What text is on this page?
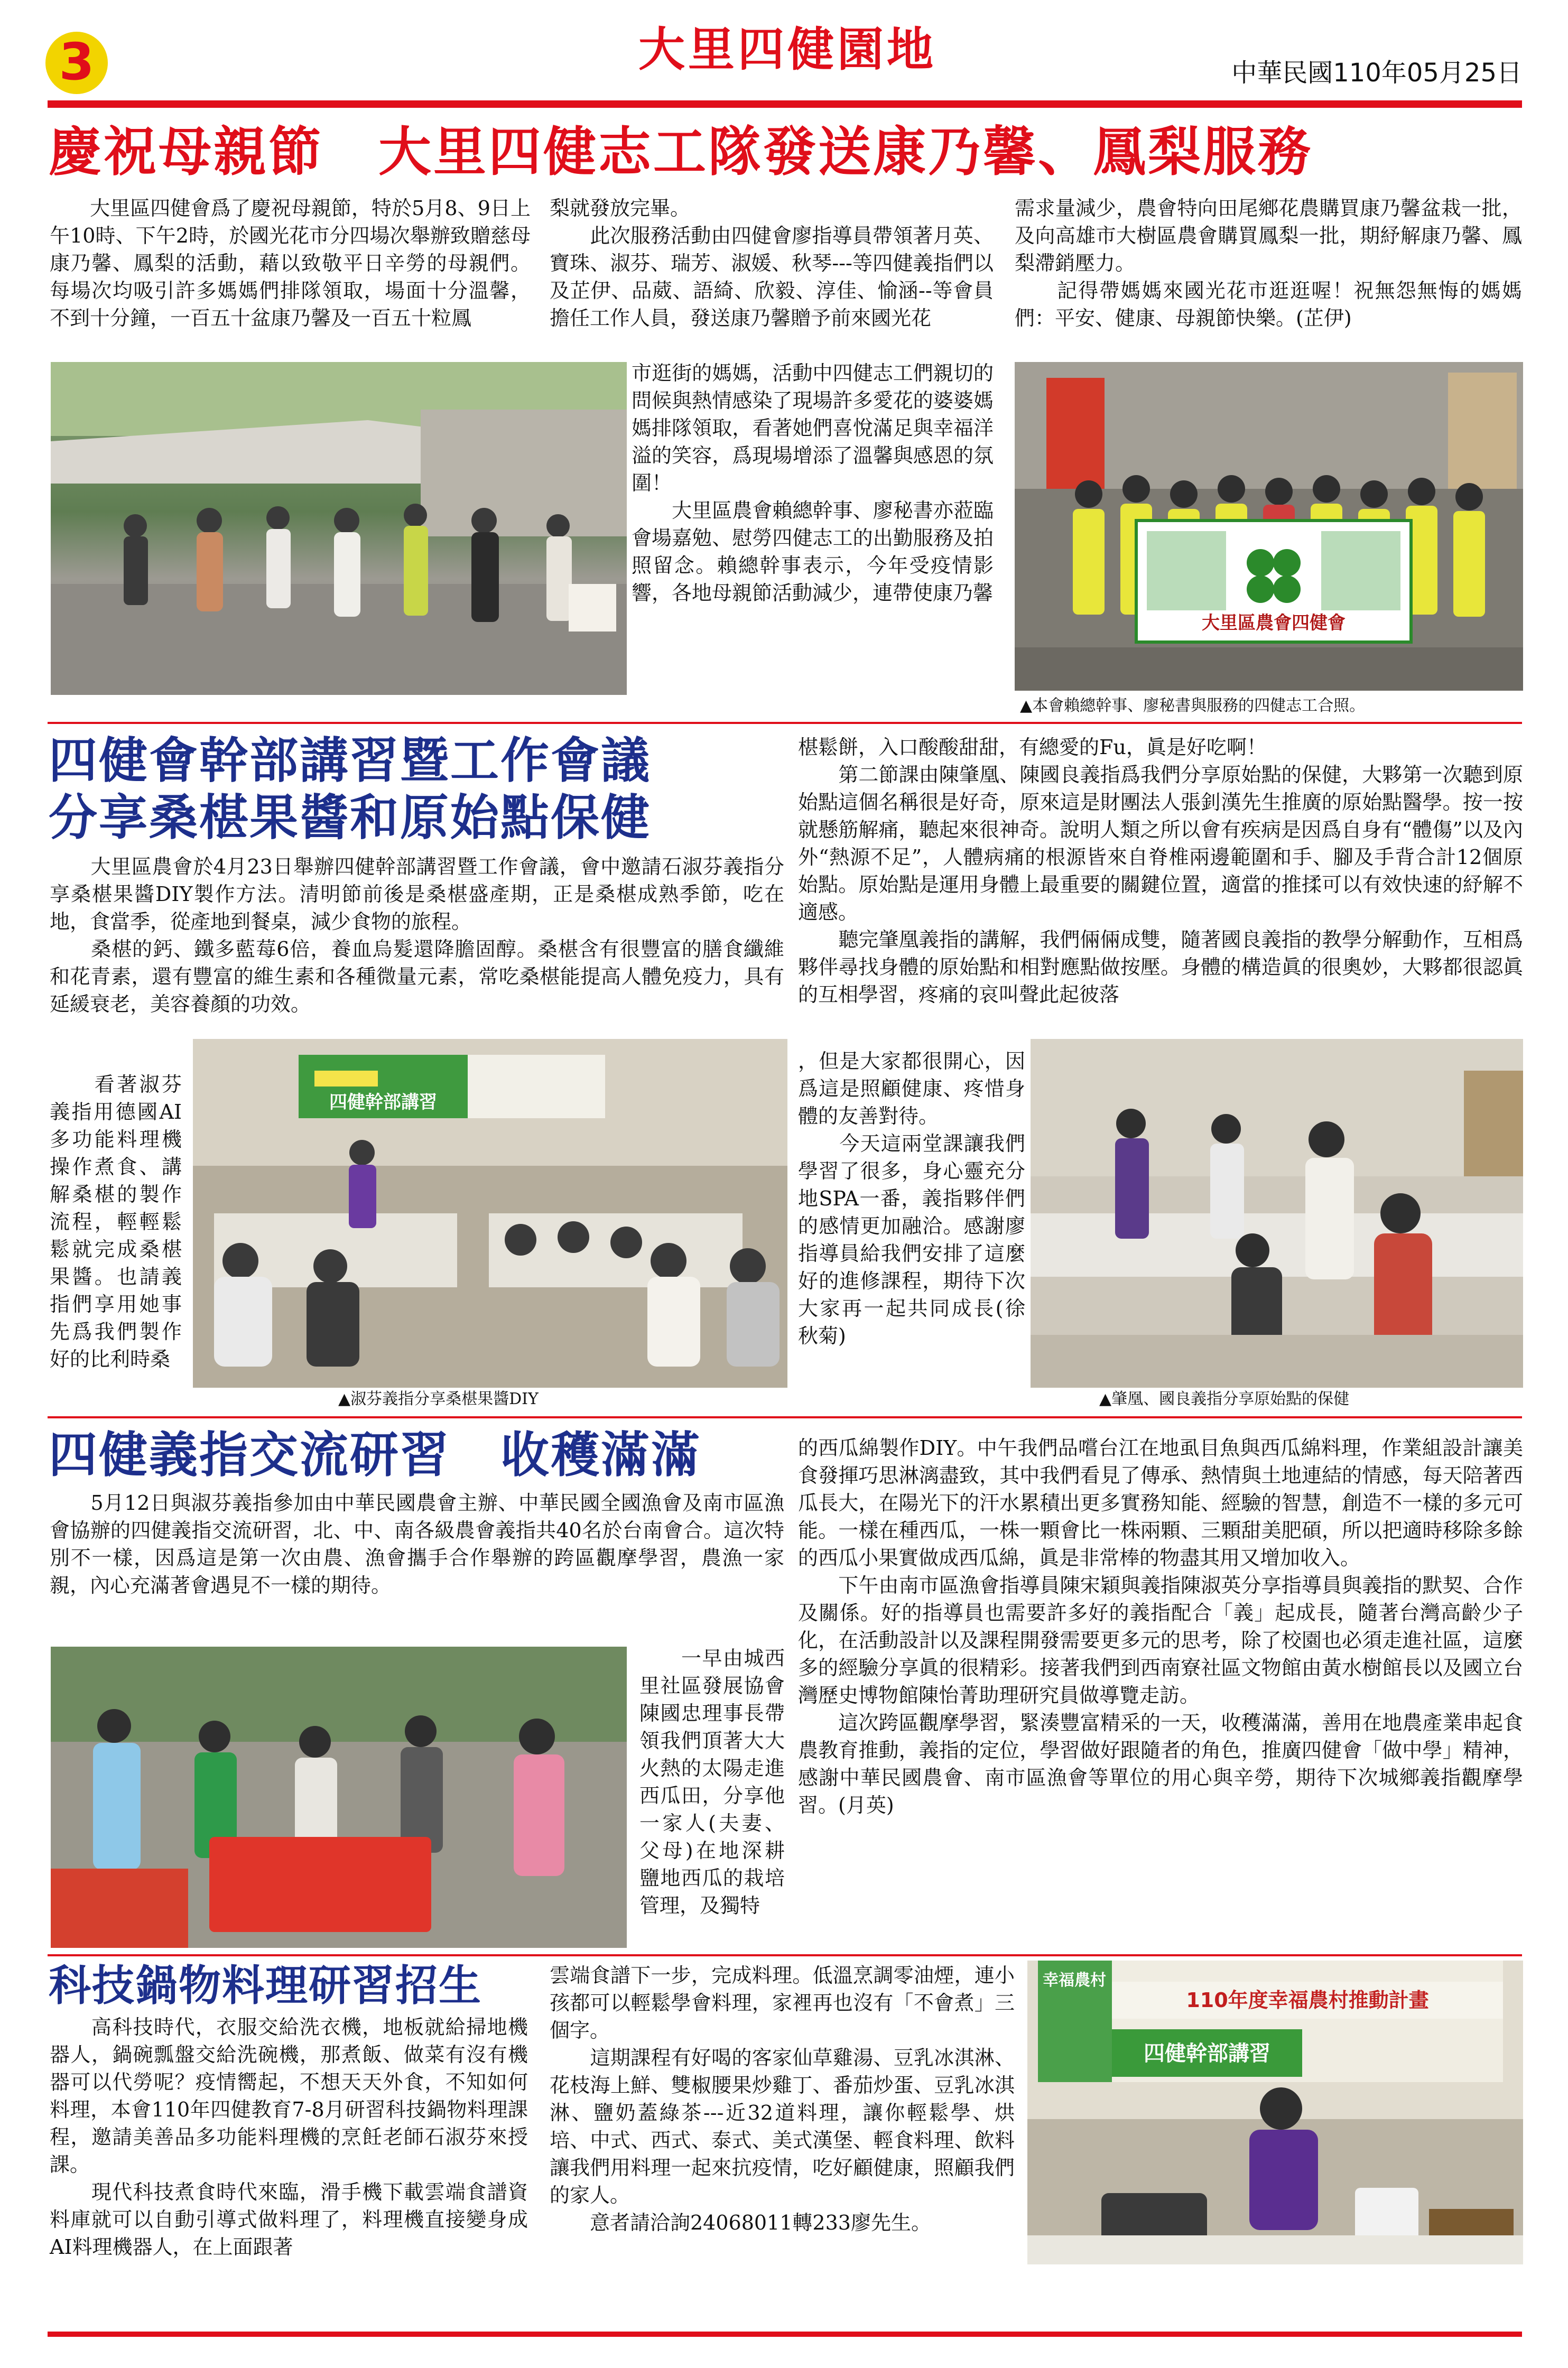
3	大里四健園地	中華民國110年05月25日
慶祝母親節　大里四健志工隊發送康乃馨、鳳梨服務

　　大里區四健會爲了慶祝母親節，特於5月8、9日上午10時、下午2時，於國光花市分四場次舉辦致贈慈母康乃馨、鳳梨的活動，藉以致敬平日辛勞的母親們。每場次均吸引許多媽媽們排隊領取，場面十分溫馨，不到十分鐘，一百五十盆康乃馨及一百五十粒鳳

梨就發放完畢。
　　此次服務活動由四健會廖指導員帶領著月英、寶珠、淑芬、瑞芳、淑媛、秋琴---等四健義指們以及芷伊、品葳、語綺、欣毅、淳佳、愉涵--等會員擔任工作人員，發送康乃馨贈予前來國光花

市逛街的媽媽，活動中四健志工們親切的問候與熱情感染了現場許多愛花的婆婆媽媽排隊領取，看著她們喜悅滿足與幸福洋溢的笑容，爲現場增添了溫馨與感恩的氛圍！
　　大里區農會賴總幹事、廖秘書亦蒞臨會場嘉勉、慰勞四健志工的出勤服務及拍照留念。賴總幹事表示，今年受疫情影響，各地母親節活動減少，連帶使康乃馨

需求量減少，農會特向田尾鄉花農購買康乃馨盆栽一批，及向高雄市大樹區農會購買鳳梨一批，期紓解康乃馨、鳳梨滯銷壓力。
　　記得帶媽媽來國光花市逛逛喔！祝無怨無悔的媽媽們：平安、健康、母親節快樂。(芷伊)

大里區農會四健會
▲本會賴總幹事、廖秘書與服務的四健志工合照。
四健會幹部講習暨工作會議
分享桑椹果醬和原始點保健

　　大里區農會於4月23日舉辦四健幹部講習暨工作會議，會中邀請石淑芬義指分享桑椹果醬DIY製作方法。清明節前後是桑椹盛產期，正是桑椹成熟季節，吃在地，食當季，從產地到餐桌，減少食物的旅程。
　　桑椹的鈣、鐵多藍莓6倍，養血烏髮還降膽固醇。桑椹含有很豐富的膳食纖維和花青素，還有豐富的維生素和各種微量元素，常吃桑椹能提高人體免疫力，具有延緩衰老，美容養顏的功效。

　　看著淑芬義指用德國AI多功能料理機操作煮食、講解桑椹的製作流程，輕輕鬆鬆就完成桑椹果醬。也請義指們享用她事先爲我們製作好的比利時桑

椹鬆餅，入口酸酸甜甜，有總愛的Fu，眞是好吃啊！
　　第二節課由陳肇凰、陳國良義指爲我們分享原始點的保健，大夥第一次聽到原始點這個名稱很是好奇，原來這是財團法人張釗漢先生推廣的原始點醫學。按一按就懸筋解痛，聽起來很神奇。說明人類之所以會有疾病是因爲自身有“體傷”以及內外“熱源不足”，人體病痛的根源皆來自脊椎兩邊範圍和手、腳及手背合計12個原始點。原始點是運用身體上最重要的關鍵位置，適當的推揉可以有效快速的紓解不適感。
　　聽完肇凰義指的講解，我們倆倆成雙，隨著國良義指的教學分解動作，互相爲夥伴尋找身體的原始點和相對應點做按壓。身體的構造眞的很奧妙，大夥都很認眞的互相學習，疼痛的哀叫聲此起彼落

，但是大家都很開心，因爲這是照顧健康、疼惜身體的友善對待。
　　今天這兩堂課讓我們學習了很多，身心靈充分地SPA一番，義指夥伴們的感情更加融洽。感謝廖指導員給我們安排了這麼好的進修課程，期待下次大家再一起共同成長(徐秋菊)

四健幹部講習
▲淑芬義指分享桑椹果醬DIY	▲肇凰、國良義指分享原始點的保健
四健義指交流研習　收穫滿滿

　　5月12日與淑芬義指參加由中華民國農會主辦、中華民國全國漁會及南市區漁會協辦的四健義指交流研習，北、中、南各級農會義指共40名於台南會合。這次特別不一樣，因爲這是第一次由農、漁會攜手合作舉辦的跨區觀摩學習，農漁一家親，內心充滿著會遇見不一樣的期待。

　　一早由城西里社區發展協會陳國忠理事長帶領我們頂著大大火熱的太陽走進西瓜田，分享他一家人(夫妻、父母)在地深耕鹽地西瓜的栽培管理，及獨特

的西瓜綿製作DIY。中午我們品嚐台江在地虱目魚與西瓜綿料理，作業組設計讓美食發揮巧思淋漓盡致，其中我們看見了傳承、熱情與土地連結的情感，每天陪著西瓜長大，在陽光下的汗水累積出更多實務知能、經驗的智慧，創造不一樣的多元可能。一樣在種西瓜，一株一顆會比一株兩顆、三顆甜美肥碩，所以把適時移除多餘的西瓜小果實做成西瓜綿，眞是非常棒的物盡其用又增加收入。
　　下午由南市區漁會指導員陳宋穎與義指陳淑英分享指導員與義指的默契、合作及關係。好的指導員也需要許多好的義指配合「義」起成長，隨著台灣高齡少子化，在活動設計以及課程開發需要更多元的思考，除了校園也必須走進社區，這麼多的經驗分享眞的很精彩。接著我們到西南寮社區文物館由黃水樹館長以及國立台灣歷史博物館陳怡菁助理研究員做導覽走訪。
　　這次跨區觀摩學習，緊湊豐富精采的一天，收穫滿滿，善用在地農產業串起食農教育推動，義指的定位，學習做好跟隨者的角色，推廣四健會「做中學」精神，感謝中華民國農會、南市區漁會等單位的用心與辛勞，期待下次城鄉義指觀摩學習。(月英)

科技鍋物料理研習招生

　　高科技時代，衣服交給洗衣機，地板就給掃地機器人，鍋碗瓢盤交給洗碗機，那煮飯、做菜有沒有機器可以代勞呢？疫情嚮起，不想天天外食，不知如何料理，本會110年四健教育7-8月研習科技鍋物料理課程，邀請美善品多功能料理機的烹飪老師石淑芬來授課。
　　現代科技煮食時代來臨，滑手機下載雲端食譜資料庫就可以自動引導式做料理了，料理機直接變身成AI料理機器人，在上面跟著

雲端食譜下一步，完成料理。低溫烹調零油煙，連小孩都可以輕鬆學會料理，家裡再也沒有「不會煮」三個字。
　　這期課程有好喝的客家仙草雞湯、豆乳冰淇淋、花枝海上鮮、雙椒腰果炒雞丁、番茄炒蛋、豆乳冰淇淋、鹽奶蓋綠茶---近32道料理，讓你輕鬆學、烘培、中式、西式、泰式、美式漢堡、輕食料理、飲料讓我們用料理一起來抗疫情，吃好顧健康，照顧我們的家人。
　　意者請洽詢24068011轉233廖先生。

幸福農村
110年度幸福農村推動計畫
四健幹部講習
